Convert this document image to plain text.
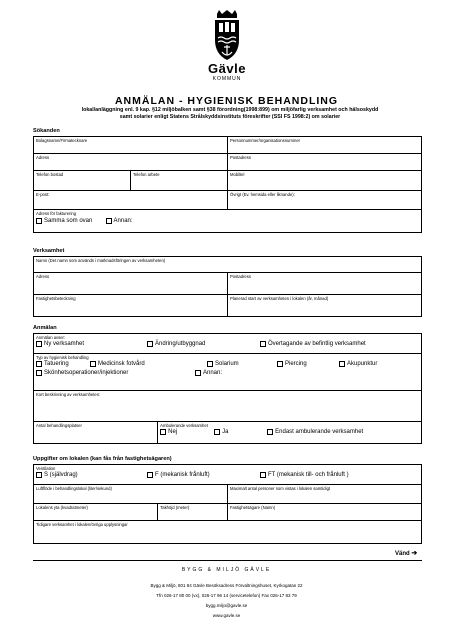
Gävle
KOMMUN
ANMÄLAN - HYGIENISK BEHANDLING
lokal/anläggning enl. 9 kap. §12 miljöbalken samt §38 förordning(1998:899) om miljöfarlig verksamhet och hälsoskydd
samt solarier enligt Statens Strålskyddsinstituts föreskrifter (SSI FS 1998:2) om solarier
Sökanden
Bolagsnamn/Firmatecknare		Personnummer/organisationsnummer
Adress		Postadress
Telefon bostad	Telefon arbete	Mobiltel
E-post:		Övrigt (Ev. hemsida eller liknande):

Adress för fakturering
Samma som ovan
Annan:		
Verksamhet
Namn (Det namn som används i marknadsföringen av verksamheten)	
Adress	Postadress
Fastighetsbeteckning	Planerad start av verksamheten i lokalen (år, månad)
Anmälan
Anmälan avser:
Ny verksamhet	Ändring/utbyggnad	Övertagande av befintlig verksamhet

Typ av hygienisk behandling
Tatuering	Medicinsk fotvård	Solarium	Piercing	Akupunktur
Skönhetsoperationer/injektioner	Annan:

Kort beskrivning av verksamheten:
Antal behandlingsplatser	Ambulerande verksamhet
Nej	Ja	Endast ambulerande verksamhet
Uppgifter om lokalen (kan fås från fastighetsägaren)
Ventilation
S (självdrag) F (mekanisk frånluft) FT (mekanisk till- och frånluft )		

Luftflöde i behandlingslokal (liter/sekund)		Maximalt antal personer som vistas i lokalen samtidigt
Lokalens yta (kvadratmeter)	Takhöjd (meter)	Fastighetsägare (Namn)
Tidigare verksamhet i lokalen/övriga upplysningar		
Vänd ➔
BYGG & MILJÖ GÄVLE
Bygg & Miljö, 801 84 Gävle Besöksadress Förvaltningshuset, Kyrkogatan 22
Tfn 026-17 80 00 (vx), 026-17 96 14 (servicetelefon) Fax 026-17 83 79
bygg.miljo@gavle.se
www.gavle.se
